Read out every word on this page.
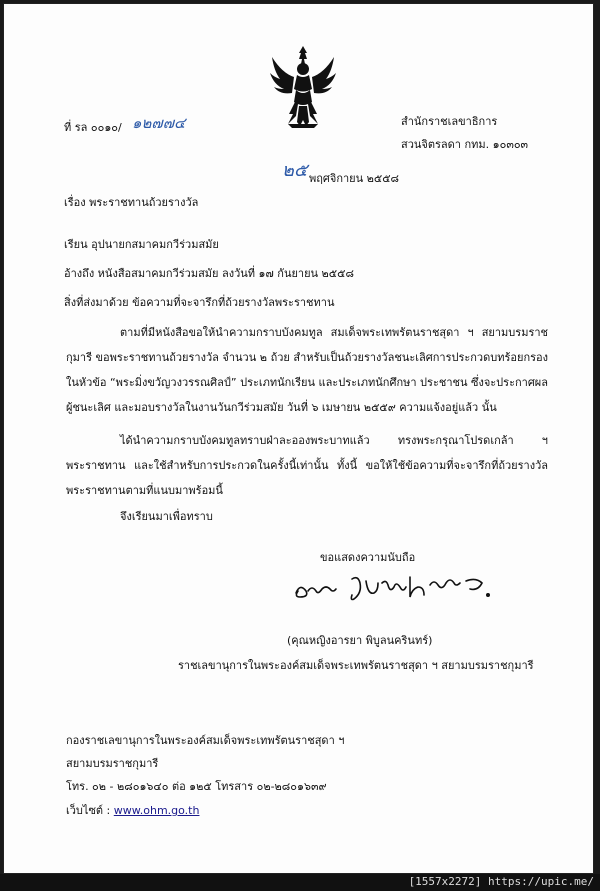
ที่ รล ๐๐๑๐/ ๑๒๗๗๔	สำนักราชเลขาธิการ
สวนจิตรลดา กทม. ๑๐๓๐๓
๒๕ พฤศจิกายน ๒๕๕๘
เรื่อง พระราชทานถ้วยรางวัล
เรียน อุปนายกสมาคมกวีร่วมสมัย
อ้างถึง หนังสือสมาคมกวีร่วมสมัย ลงวันที่ ๑๗ กันยายน ๒๕๕๘
สิ่งที่ส่งมาด้วย ข้อความที่จะจารึกที่ถ้วยรางวัลพระราชทาน
ตามที่มีหนังสือขอให้นำความกราบบังคมทูล สมเด็จพระเทพรัตนราชสุดา ฯ สยามบรมราชกุมารี ขอพระราชทานถ้วยรางวัล จำนวน ๒ ถ้วย สำหรับเป็นถ้วยรางวัลชนะเลิศการประกวดบทร้อยกรอง ในหัวข้อ “พระมิ่งขวัญวงวรรณศิลป์” ประเภทนักเรียน และประเภทนักศึกษา ประชาชน ซึ่งจะประกาศผลผู้ชนะเลิศ และมอบรางวัลในงานวันกวีร่วมสมัย วันที่ ๖ เมษายน ๒๕๕๙ ความแจ้งอยู่แล้ว นั้น
ได้นำความกราบบังคมทูลทราบฝ่าละอองพระบาทแล้ว ทรงพระกรุณาโปรดเกล้า ฯ พระราชทาน และใช้สำหรับการประกวดในครั้งนี้เท่านั้น ทั้งนี้ ขอให้ใช้ข้อความที่จะจารึกที่ถ้วยรางวัลพระราชทานตามที่แนบมาพร้อมนี้
จึงเรียนมาเพื่อทราบ
ขอแสดงความนับถือ
(คุณหญิงอารยา พิบูลนครินทร์)
ราชเลขานุการในพระองค์สมเด็จพระเทพรัตนราชสุดา ฯ สยามบรมราชกุมารี
กองราชเลขานุการในพระองค์สมเด็จพระเทพรัตนราชสุดา ฯ
สยามบรมราชกุมารี
โทร. ๐๒ - ๒๘๐๑๖๔๐ ต่อ ๑๒๕ โทรสาร ๐๒-๒๘๐๑๖๓๙
เว็บไซต์ : www.ohm.go.th
[1557x2272] https://upic.me/
